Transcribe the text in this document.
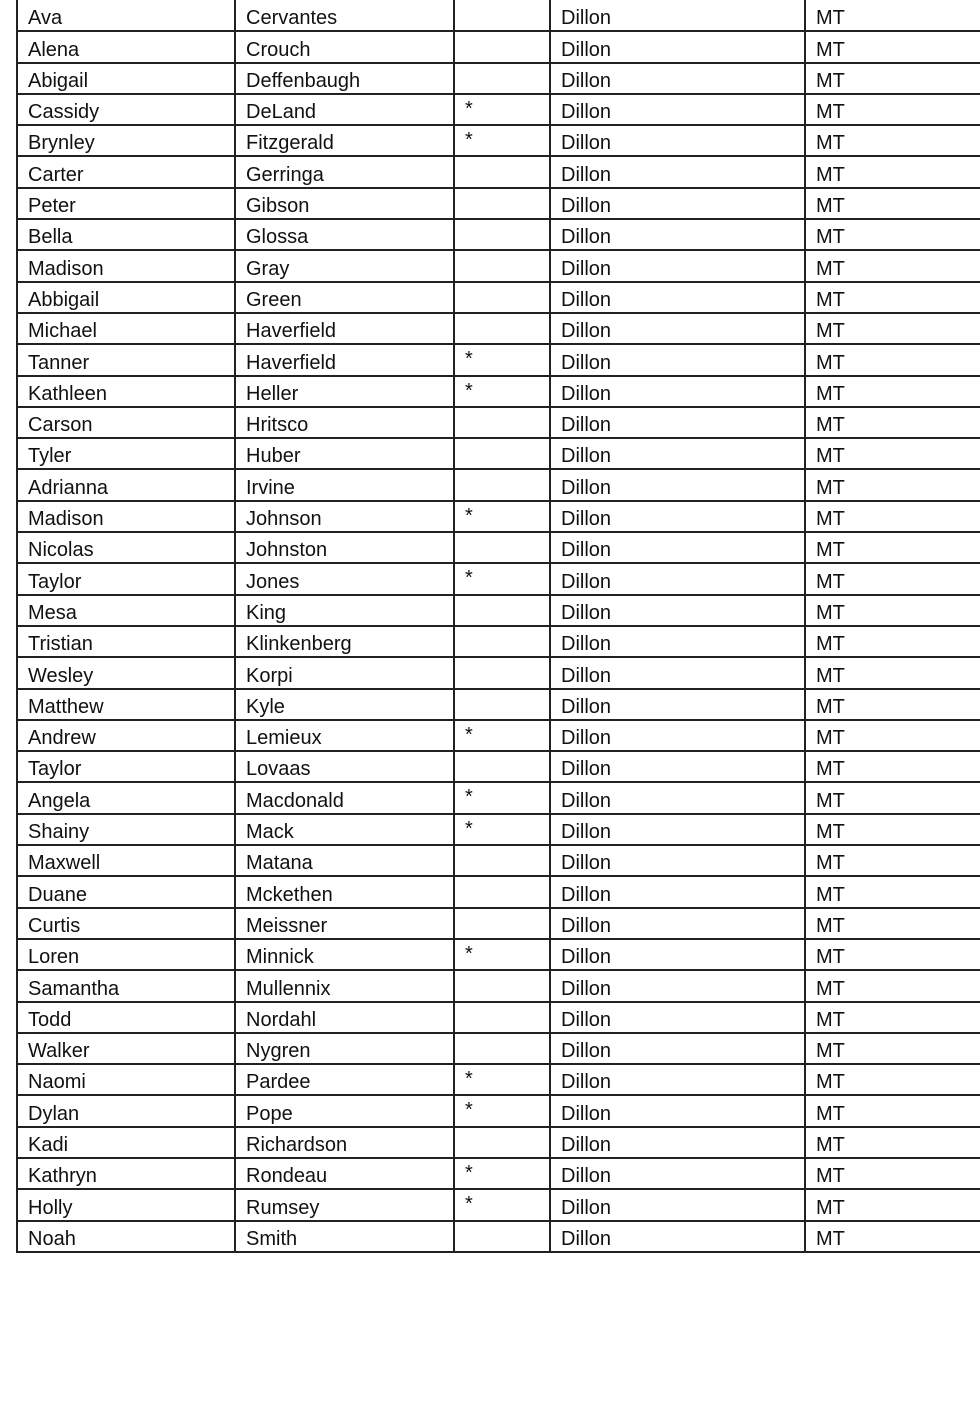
Ava	Cervantes		Dillon	MT
Alena	Crouch		Dillon	MT
Abigail	Deffenbaugh		Dillon	MT
Cassidy	DeLand	*	Dillon	MT
Brynley	Fitzgerald	*	Dillon	MT
Carter	Gerringa		Dillon	MT
Peter	Gibson		Dillon	MT
Bella	Glossa		Dillon	MT
Madison	Gray		Dillon	MT
Abbigail	Green		Dillon	MT
Michael	Haverfield		Dillon	MT
Tanner	Haverfield	*	Dillon	MT
Kathleen	Heller	*	Dillon	MT
Carson	Hritsco		Dillon	MT
Tyler	Huber		Dillon	MT
Adrianna	Irvine		Dillon	MT
Madison	Johnson	*	Dillon	MT
Nicolas	Johnston		Dillon	MT
Taylor	Jones	*	Dillon	MT
Mesa	King		Dillon	MT
Tristian	Klinkenberg		Dillon	MT
Wesley	Korpi		Dillon	MT
Matthew	Kyle		Dillon	MT
Andrew	Lemieux	*	Dillon	MT
Taylor	Lovaas		Dillon	MT
Angela	Macdonald	*	Dillon	MT
Shainy	Mack	*	Dillon	MT
Maxwell	Matana		Dillon	MT
Duane	Mckethen		Dillon	MT
Curtis	Meissner		Dillon	MT
Loren	Minnick	*	Dillon	MT
Samantha	Mullennix		Dillon	MT
Todd	Nordahl		Dillon	MT
Walker	Nygren		Dillon	MT
Naomi	Pardee	*	Dillon	MT
Dylan	Pope	*	Dillon	MT
Kadi	Richardson		Dillon	MT
Kathryn	Rondeau	*	Dillon	MT
Holly	Rumsey	*	Dillon	MT
Noah	Smith		Dillon	MT
